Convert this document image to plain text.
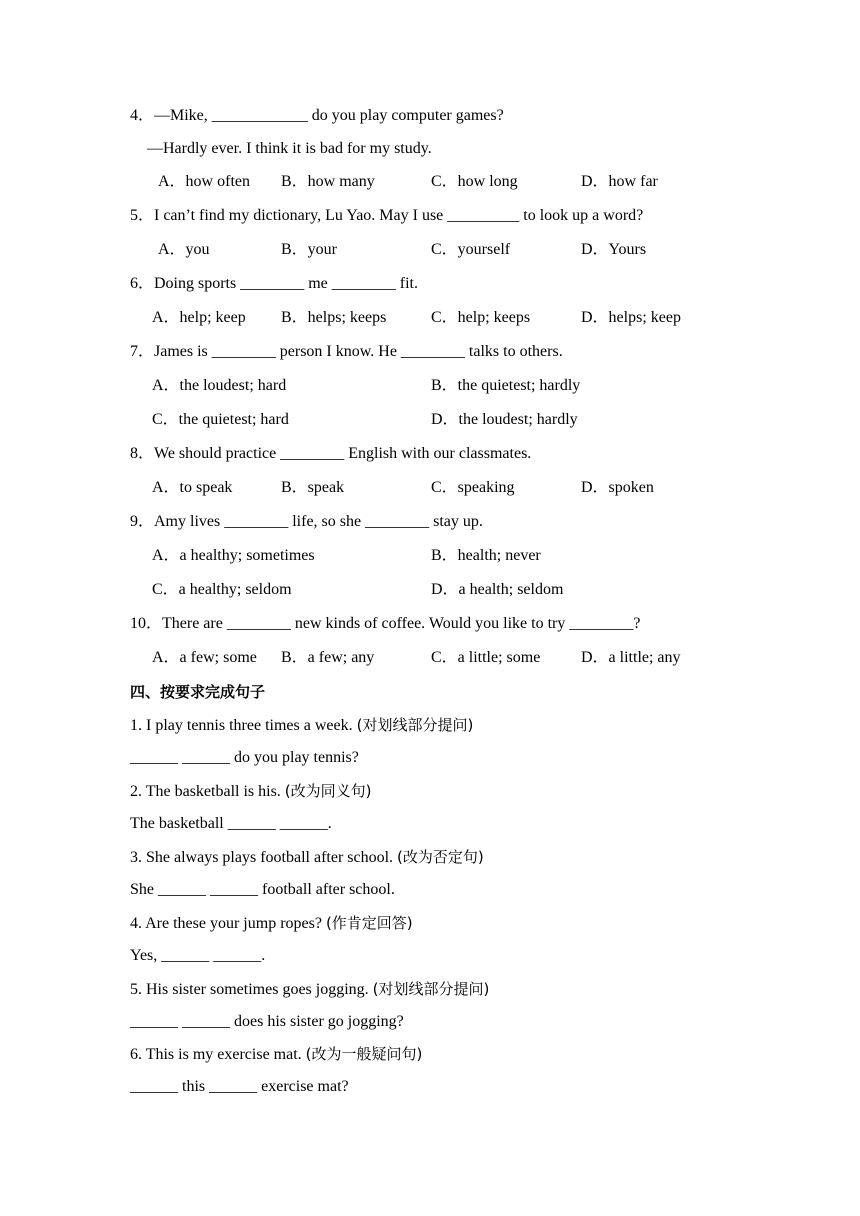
4．—Mike, ____________ do you play computer games?
—Hardly ever. I think it is bad for my study.
A．how often B．how many	C．how long	D．how far
5．I can’t find my dictionary, Lu Yao. May I use _________ to look up a word?
A．you	B．your	C．yourself	D．Yours
6．Doing sports ________ me ________ fit.
A．help; keep B．helps; keeps	C．help; keeps	D．helps; keep
7．James is ________ person I know. He ________ talks to others.
A．the loudest; hard	B．the quietest; hardly
C．the quietest; hard	D．the loudest; hardly
8．We should practice ________ English with our classmates.
A．to speak	B．speak	C．speaking	D．spoken
9．Amy lives ________ life, so she ________ stay up.
A．a healthy; sometimes	B．health; never
C．a healthy; seldom	D．a health; seldom
10．There are ________ new kinds of coffee. Would you like to try ________?
A．a few; some B．a few; any	C．a little; some	D．a little; any
四、按要求完成句子
1. I play tennis three times a week. (对划线部分提问)
______ ______ do you play tennis?
2. The basketball is his. (改为同义句)
The basketball ______ ______.
3. She always plays football after school. (改为否定句)
She ______ ______ football after school.
4. Are these your jump ropes? (作肯定回答)
Yes, ______ ______.
5. His sister sometimes goes jogging. (对划线部分提问)
______ ______ does his sister go jogging?
6. This is my exercise mat. (改为一般疑问句)
______ this ______ exercise mat?
